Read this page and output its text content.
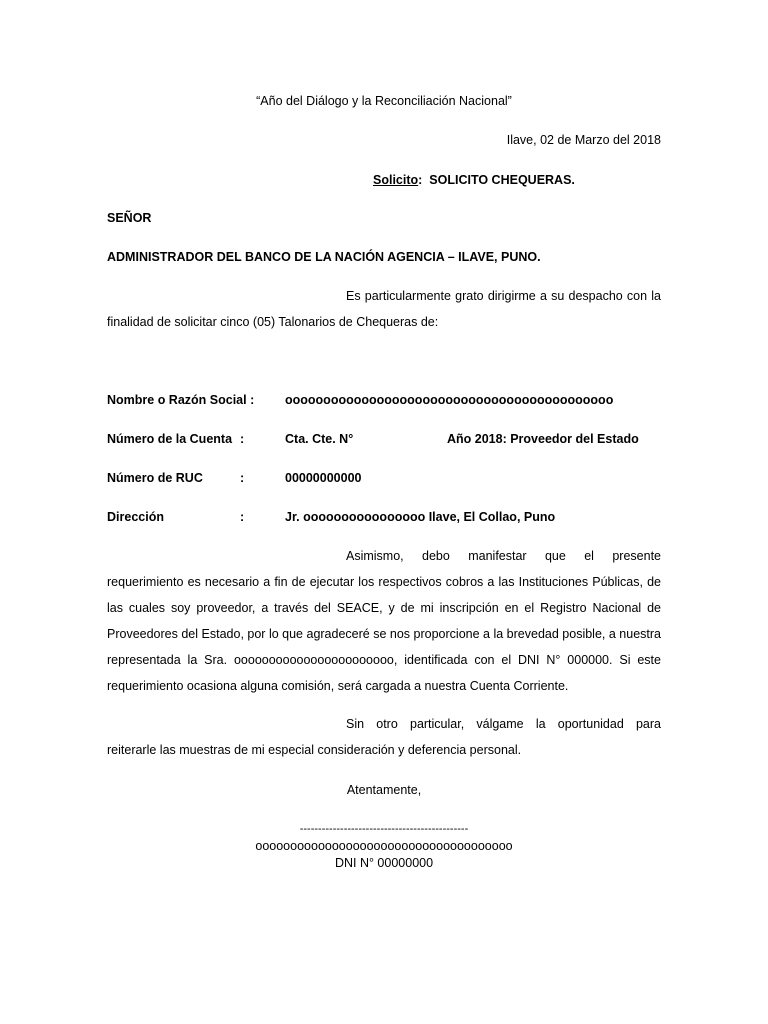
“Año del Diálogo y la Reconciliación Nacional”
Ilave, 02 de Marzo del 2018
Solicito: SOLICITO CHEQUERAS.
SEÑOR
ADMINISTRADOR DEL BANCO DE LA NACIÓN AGENCIA – ILAVE, PUNO.
Es particularmente grato dirigirme a su despacho con la
finalidad de solicitar cinco (05) Talonarios de Chequeras de:
Nombre o Razón Social : ooooooooooooooooooooooooooooooooooooooooooo
Número de la Cuenta :	Cta. Cte. N°	Año 2018: Proveedor del Estado
Número de RUC	:	00000000000
Dirección	:	Jr. oooooooooooooooo Ilave, El Collao, Puno
Asimismo, debo manifestar que el presente
requerimiento es necesario a fin de ejecutar los respectivos cobros a las Instituciones Públicas, de
las cuales soy proveedor, a través del SEACE, y de mi inscripción en el Registro Nacional de
Proveedores del Estado, por lo que agradeceré se nos proporcione a la brevedad posible, a nuestra
representada la Sra. ooooooooooooooooooooooo, identificada con el DNI N° 000000. Si este
requerimiento ocasiona alguna comisión, será cargada a nuestra Cuenta Corriente.
Sin otro particular, válgame la oportunidad para
reiterarle las muestras de mi especial consideración y deferencia personal.
Atentamente,
----------------------------------------------
ooooooooooooooooooooooooooooooooooooo
DNI N° 00000000
